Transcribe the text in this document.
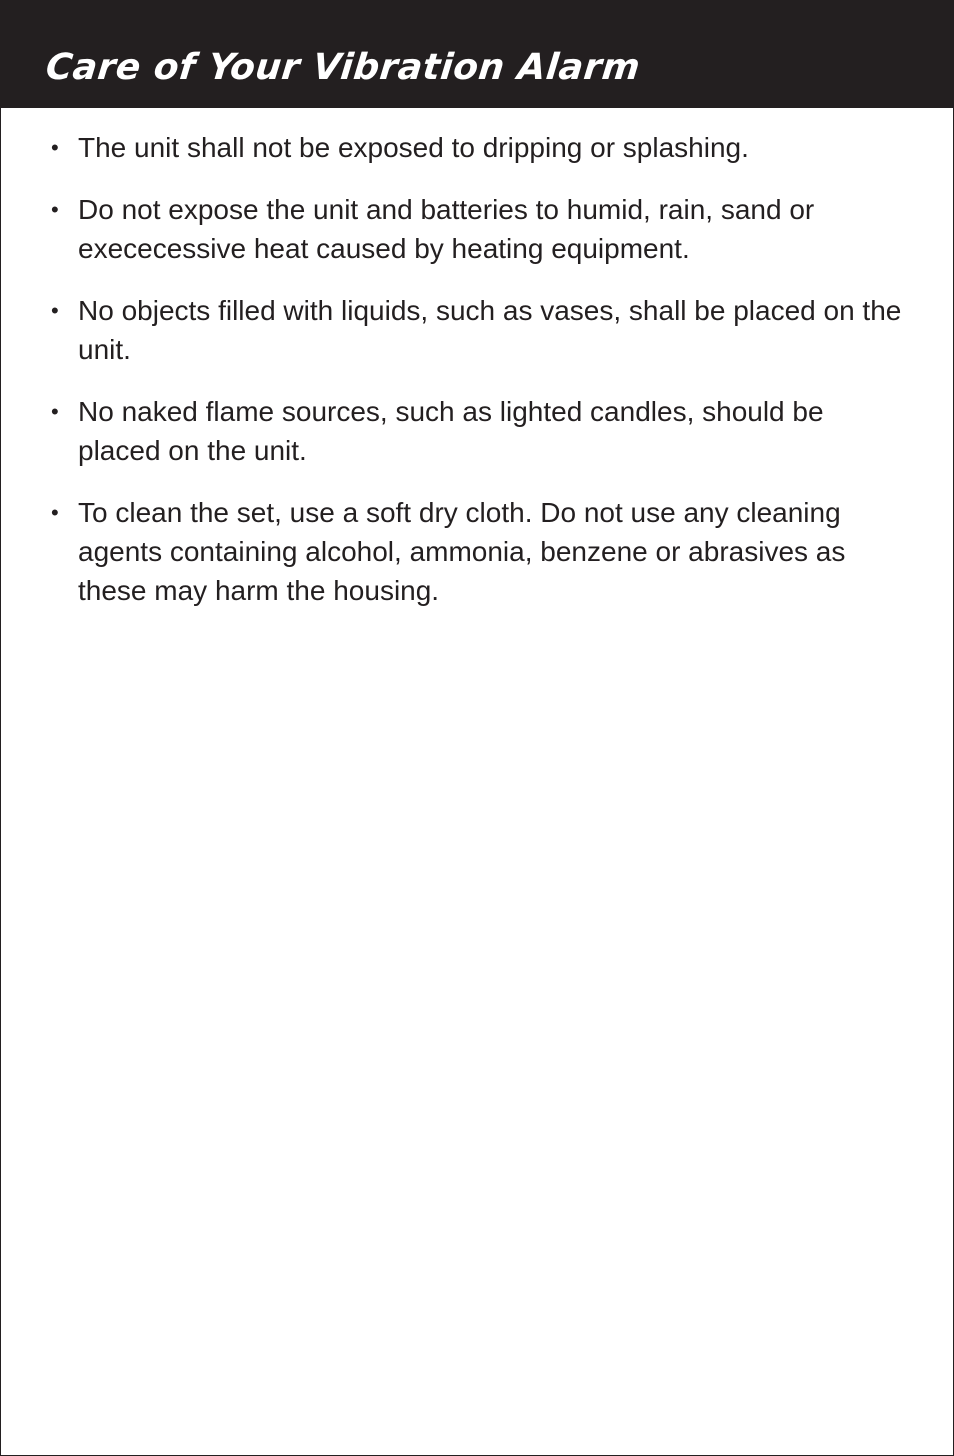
Care of Your Vibration Alarm
• The unit shall not be exposed to dripping or splashing.
• Do not expose the unit and batteries to humid, rain, sand or exececessive heat caused by heating equipment.
• No objects filled with liquids, such as vases, shall be placed on the unit.
• No naked flame sources, such as lighted candles, should be placed on the unit.
• To clean the set, use a soft dry cloth. Do not use any cleaning agents containing alcohol, ammonia, benzene or abrasives as these may harm the housing.
